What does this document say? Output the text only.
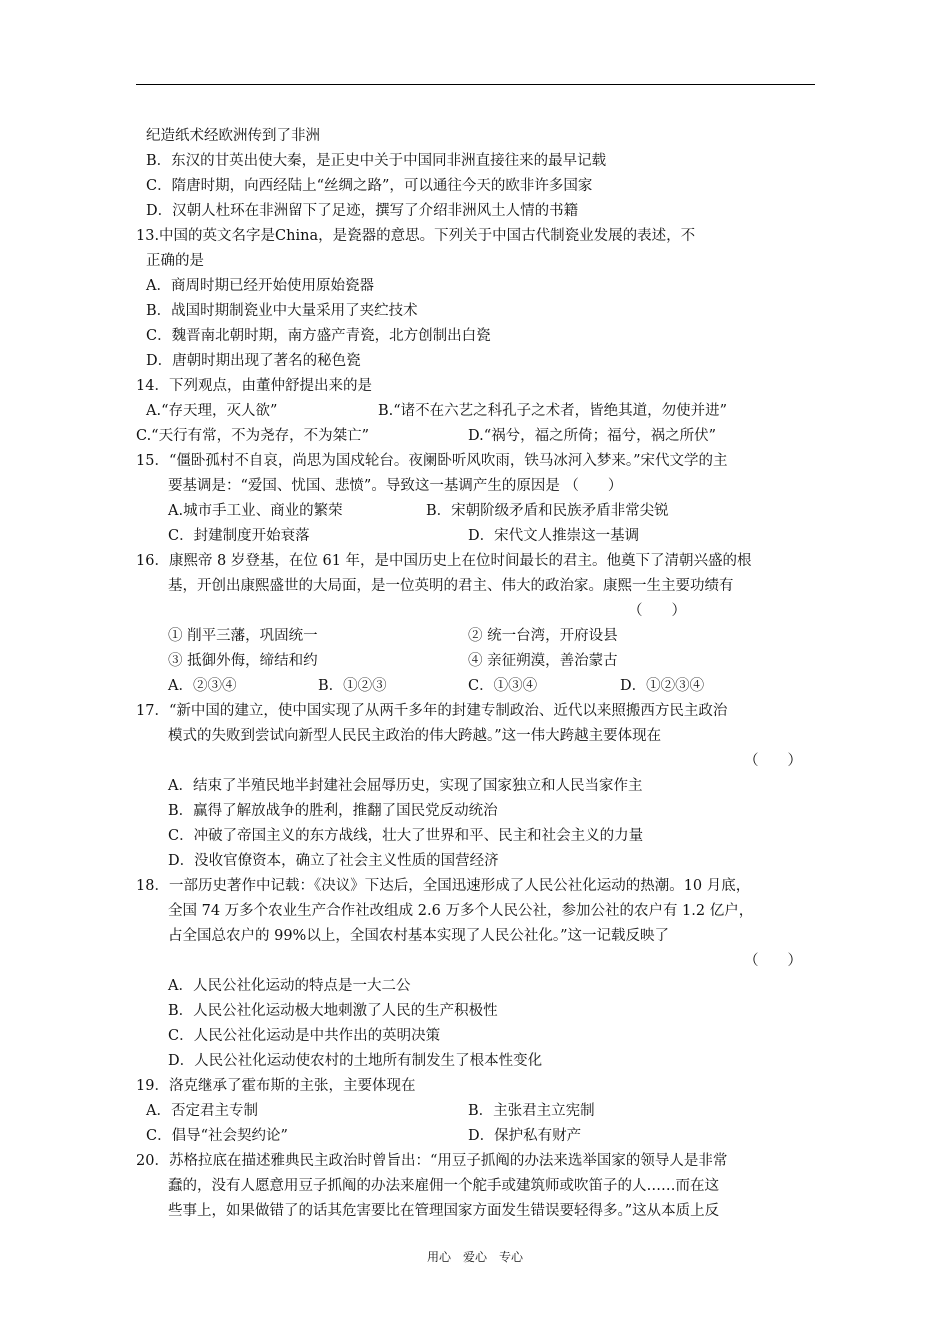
纪造纸术经欧洲传到了非洲
B．东汉的甘英出使大秦，是正史中关于中国同非洲直接往来的最早记载
C．隋唐时期，向西经陆上“丝绸之路”，可以通往今天的欧非许多国家
D．汉朝人杜环在非洲留下了足迹，撰写了介绍非洲风土人情的书籍
13.中国的英文名字是China，是瓷器的意思。下列关于中国古代制瓷业发展的表述，不
正确的是
A．商周时期已经开始使用原始瓷器
B．战国时期制瓷业中大量采用了夹纻技术
C．魏晋南北朝时期，南方盛产青瓷，北方创制出白瓷
D．唐朝时期出现了著名的秘色瓷
14．下列观点，由董仲舒提出来的是
A.“存天理，灭人欲”	B.“诸不在六艺之科孔子之术者，皆绝其道，勿使并进”
C.“天行有常，不为尧存，不为桀亡”	D.“祸兮，福之所倚；福兮，祸之所伏”
15．“僵卧孤村不自哀，尚思为国戍轮台。夜阑卧听风吹雨，铁马冰河入梦来。”宋代文学的主
要基调是：“爱国、忧国、悲愤”。导致这一基调产生的原因是 （　　）
A.城市手工业、商业的繁荣	B．宋朝阶级矛盾和民族矛盾非常尖锐
C．封建制度开始衰落	D．宋代文人推崇这一基调
16．康熙帝 8 岁登基，在位 61 年，是中国历史上在位时间最长的君主。他奠下了清朝兴盛的根
基，开创出康熙盛世的大局面，是一位英明的君主、伟大的政治家。康熙一生主要功绩有
（　　）
① 削平三藩，巩固统一	② 统一台湾，开府设县
③ 抵御外侮，缔结和约	④ 亲征朔漠，善治蒙古
A．②③④	B．①②③	C．①③④	D．①②③④
17．“新中国的建立，使中国实现了从两千多年的封建专制政治、近代以来照搬西方民主政治
模式的失败到尝试向新型人民民主政治的伟大跨越。”这一伟大跨越主要体现在
（　　）
A．结束了半殖民地半封建社会屈辱历史，实现了国家独立和人民当家作主
B．赢得了解放战争的胜利，推翻了国民党反动统治
C．冲破了帝国主义的东方战线，壮大了世界和平、民主和社会主义的力量
D．没收官僚资本，确立了社会主义性质的国营经济
18．一部历史著作中记载：《决议》下达后，全国迅速形成了人民公社化运动的热潮。10 月底，
全国 74 万多个农业生产合作社改组成 2.6 万多个人民公社，参加公社的农户有 1.2 亿户，
占全国总农户的 99%以上，全国农村基本实现了人民公社化。”这一记载反映了
（　　）
A．人民公社化运动的特点是一大二公
B．人民公社化运动极大地刺激了人民的生产积极性
C．人民公社化运动是中共作出的英明决策
D．人民公社化运动使农村的土地所有制发生了根本性变化
19．洛克继承了霍布斯的主张，主要体现在
A．否定君主专制	B．主张君主立宪制
C．倡导“社会契约论”	D．保护私有财产
20．苏格拉底在描述雅典民主政治时曾旨出：“用豆子抓阄的办法来选举国家的领导人是非常
蠢的，没有人愿意用豆子抓阄的办法来雇佣一个舵手或建筑师或吹笛子的人……而在这
些事上，如果做错了的话其危害要比在管理国家方面发生错误要轻得多。”这从本质上反
用心　爱心　专心
